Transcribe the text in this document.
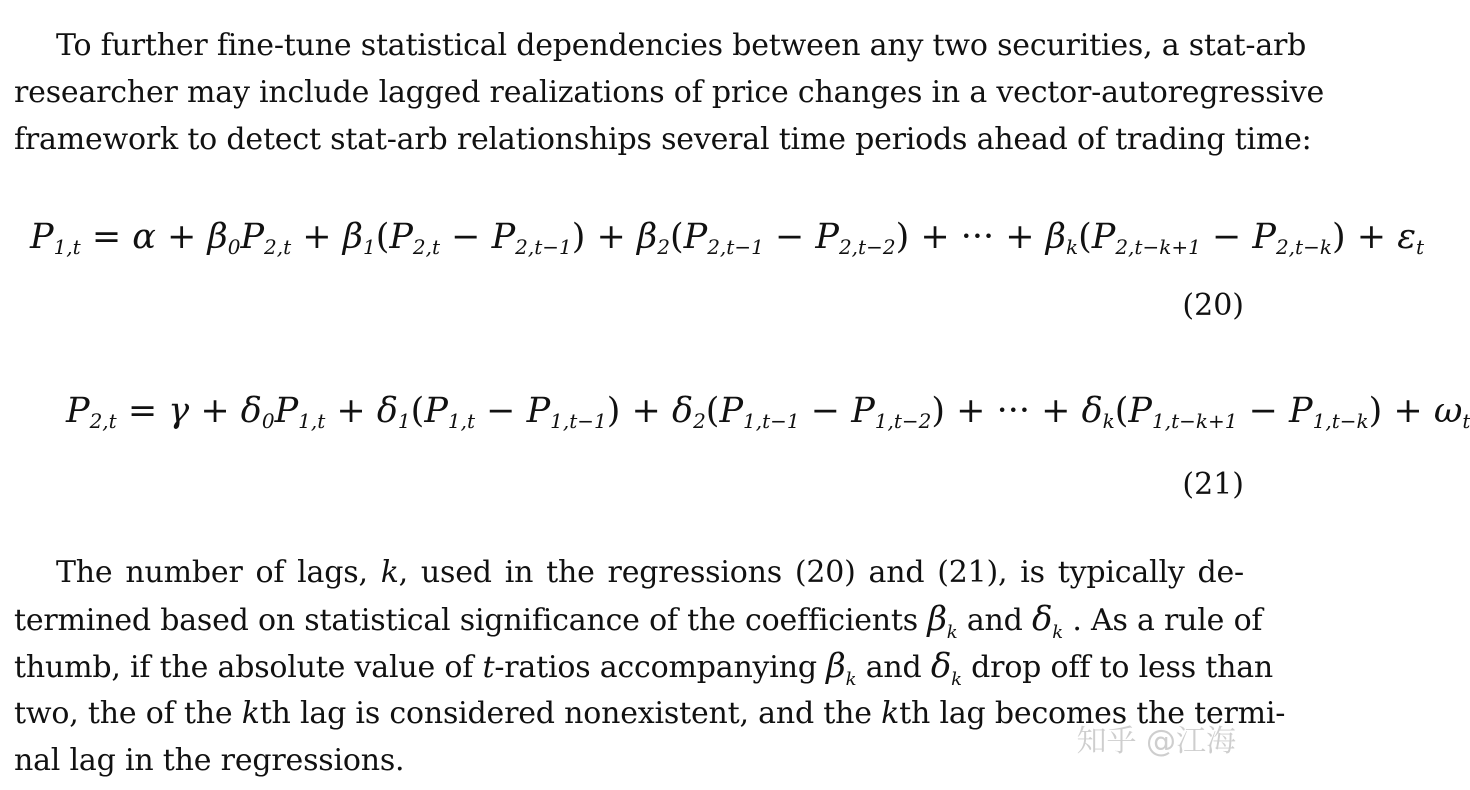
To further fine-tune statistical dependencies between any two securities, a stat-arb
researcher may include lagged realizations of price changes in a vector-autoregressive
framework to detect stat-arb relationships several time periods ahead of trading time:
$P_{1,t} = \alpha + \beta_0P_{2,t} + \beta_1(P_{2,t} - P_{2,t-1}) + \beta_2(P_{2,t-1} - P_{2,t-2})$ + ··· + $\beta_k(P_{2,t-k+1} - P_{2,t-k}) + \varepsilon_t$
(20)
$P_{2,t} = \gamma + \delta_0P_{1,t} + \delta_1(P_{1,t} - P_{1,t-1}) + \delta_2(P_{1,t-1} - P_{1,t-2})$ + ··· + $\delta_k(P_{1,t-k+1} - P_{1,t-k}) + \omega_t$
(21)
The number of lags, k, used in the regressions (20) and (21), is typically de-
termined based on statistical significance of the coefficients $\beta_k$ and $\delta_k$ . As a rule of
thumb, if the absolute value of t-ratios accompanying $\beta_k$ and $\delta_k$ drop off to less than
two, the of the kth lag is considered nonexistent, and the kth lag becomes the termi-
nal lag in the regressions.
知乎 @江海
